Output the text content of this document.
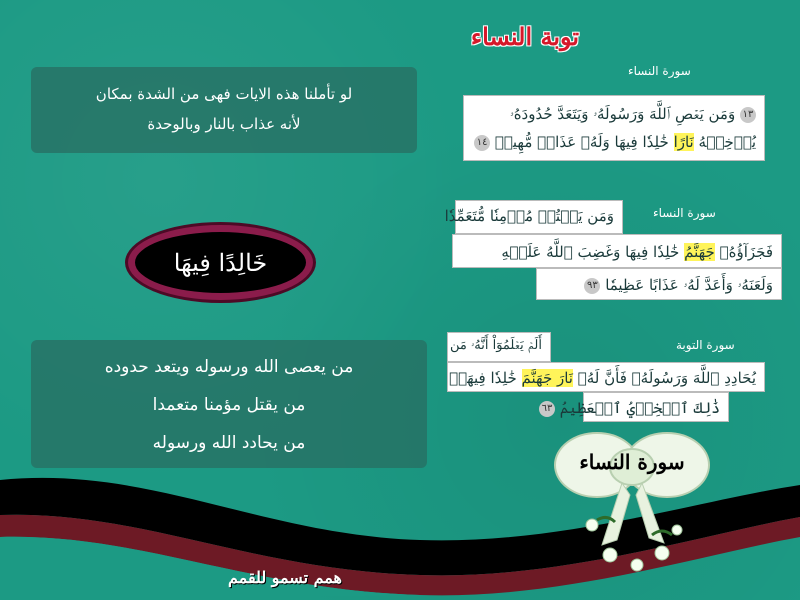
توبة النساء
لو تأملنا هذه الايات فهى من الشدة بمكان
لأنه عذاب بالنار وبالوحدة
خَالِدًا فِيهَا
من يعصى الله ورسوله ويتعد حدوده
من يقتل مؤمنا متعمدا
من يحادد الله ورسوله
سورة النساء
١٣ وَمَن يَعۡصِ ٱللَّهَ وَرَسُولَهُۥ وَيَتَعَدَّ حُدُودَهُۥ
يُدۡخِلۡهُ نَارًا خَٰلِدٗا فِيهَا وَلَهُۥ عَذَابٞ مُّهِينٞ ١٤
سورة النساء
وَمَن يَقۡتُلۡ مُؤۡمِنٗا مُّتَعَمِّدٗا
فَجَزَآؤُهُۥ جَهَنَّمُ خَٰلِدٗا فِيهَا وَغَضِبَ ٱللَّهُ عَلَيۡهِ
وَلَعَنَهُۥ وَأَعَدَّ لَهُۥ عَذَابًا عَظِيمٗا ٩٣
سورة التوبة
أَلَمۡ يَعۡلَمُوٓاْ أَنَّهُۥ مَن
يُحَادِدِ ٱللَّهَ وَرَسُولَهُۥ فَأَنَّ لَهُۥ نَارَ جَهَنَّمَ خَٰلِدٗا فِيهَاۚ
ذَٰلِكَ ٱلۡخِزۡيُ ٱلۡعَظِيمُ ٦٣
سورة النساء
همم تسمو للقمم
